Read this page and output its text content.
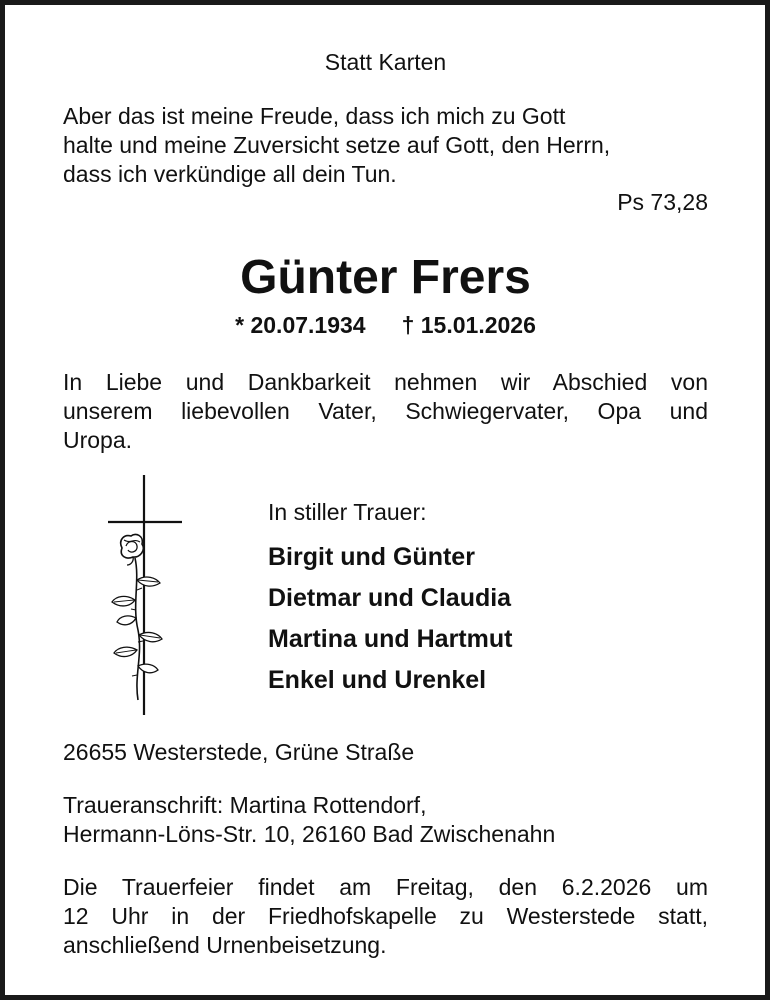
Statt Karten
Aber das ist meine Freude, dass ich mich zu Gott
halte und meine Zuversicht setze auf Gott, den Herrn,
dass ich verkündige all dein Tun.
Ps 73,28
Günter Frers
* 20.07.1934 † 15.01.2026
In Liebe und Dankbarkeit nehmen wir Abschied von
unserem liebevollen Vater, Schwiegervater, Opa und
Uropa.
In stiller Trauer:
Birgit und Günter
Dietmar und Claudia
Martina und Hartmut
Enkel und Urenkel
26655 Westerstede, Grüne Straße
Traueranschrift: Martina Rottendorf,
Hermann-Löns-Str. 10, 26160 Bad Zwischenahn
Die Trauerfeier findet am Freitag, den 6.2.2026 um
12 Uhr in der Friedhofskapelle zu Westerstede statt,
anschließend Urnenbeisetzung.
